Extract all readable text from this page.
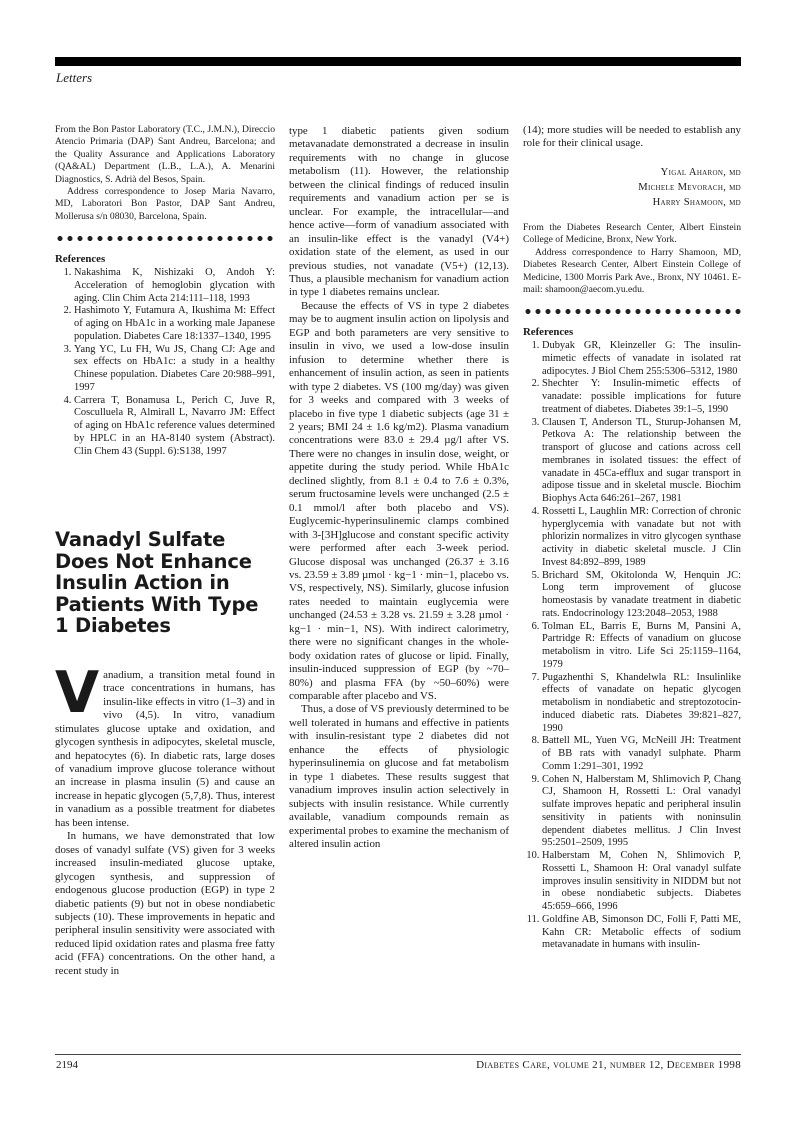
Letters

From the Bon Pastor Laboratory (T.C., J.M.N.), Direccio Atencio Primaria (DAP) Sant Andreu, Barcelona; and the Quality Assurance and Applications Laboratory (QA&AL) Department (L.B., L.A.), A. Menarini Diagnostics, S. Adrià del Besos, Spain.

Address correspondence to Josep Maria Navarro, MD, Laboratori Bon Pastor, DAP Sant Andreu, Mollerusa s/n 08030, Barcelona, Spain.

References
1. Nakashima K, Nishizaki O, Andoh Y: Acceleration of hemoglobin glycation with aging. Clin Chim Acta 214:111–118, 1993
2. Hashimoto Y, Futamura A, Ikushima M: Effect of aging on HbA1c in a working male Japanese population. Diabetes Care 18:1337–1340, 1995
3. Yang YC, Lu FH, Wu JS, Chang CJ: Age and sex effects on HbA1c: a study in a healthy Chinese population. Diabetes Care 20:988–991, 1997
4. Carrera T, Bonamusa L, Perich C, Juve R, Cosculluela R, Almirall L, Navarro JM: Effect of aging on HbA1c reference values determined by HPLC in an HA-8140 system (Abstract). Clin Chem 43 (Suppl. 6):S138, 1997
Vanadyl Sulfate Does Not Enhance Insulin Action in Patients With Type 1 Diabetes
V anadium, a transition metal found in trace concentrations in humans, has insulin-like effects in vitro (1–3) and in vivo (4,5). In vitro, vanadium stimulates glucose uptake and oxidation, and glycogen synthesis in adipocytes, skeletal muscle, and hepatocytes (6). In diabetic rats, large doses of vanadium improve glucose tolerance without an increase in plasma insulin (5) and cause an increase in hepatic glycogen (5,7,8). Thus, interest in vanadium as a possible treatment for diabetes has been intense.

In humans, we have demonstrated that low doses of vanadyl sulfate (VS) given for 3 weeks increased insulin-mediated glucose uptake, glycogen synthesis, and suppression of endogenous glucose production (EGP) in type 2 diabetic patients (9) but not in obese nondiabetic subjects (10). These improvements in hepatic and peripheral insulin sensitivity were associated with reduced lipid oxidation rates and plasma free fatty acid (FFA) concentrations. On the other hand, a recent study in

type 1 diabetic patients given sodium metavanadate demonstrated a decrease in insulin requirements with no change in glucose metabolism (11). However, the relationship between the clinical findings of reduced insulin requirements and vanadium action per se is unclear. For example, the intracellular—and hence active—form of vanadium associated with an insulin-like effect is the vanadyl (V4+) oxidation state of the element, as used in our previous studies, not vanadate (V5+) (12,13). Thus, a plausible mechanism for vanadium action in type 1 diabetes remains unclear.

Because the effects of VS in type 2 diabetes may be to augment insulin action on lipolysis and EGP and both parameters are very sensitive to insulin in vivo, we used a low-dose insulin infusion to determine whether there is enhancement of insulin action, as seen in patients with type 2 diabetes. VS (100 mg/day) was given for 3 weeks and compared with 3 weeks of placebo in five type 1 diabetic subjects (age 31 ± 2 years; BMI 24 ± 1.6 kg/m2). Plasma vanadium concentrations were 83.0 ± 29.4 µg/l after VS. There were no changes in insulin dose, weight, or appetite during the study period. While HbA1c declined slightly, from 8.1 ± 0.4 to 7.6 ± 0.3%, serum fructosamine levels were unchanged (2.5 ± 0.1 mmol/l after both placebo and VS). Euglycemic-hyperinsulinemic clamps combined with 3-[3H]glucose and constant specific activity were performed after each 3-week period. Glucose disposal was unchanged (26.37 ± 3.16 vs. 23.59 ± 3.89 µmol · kg−1 · min−1, placebo vs. VS, respectively, NS). Similarly, glucose infusion rates needed to maintain euglycemia were unchanged (24.53 ± 3.28 vs. 21.59 ± 3.28 µmol · kg−1 · min−1, NS). With indirect calorimetry, there were no significant changes in the whole-body oxidation rates of glucose or lipid. Finally, insulin-induced suppression of EGP (by ~70–80%) and plasma FFA (by ~50–60%) were comparable after placebo and VS.

Thus, a dose of VS previously determined to be well tolerated in humans and effective in patients with insulin-resistant type 2 diabetes did not enhance the effects of physiologic hyperinsulinemia on glucose and fat metabolism in type 1 diabetes. These results suggest that vanadium improves insulin action selectively in subjects with insulin resistance. While currently available, vanadium compounds remain as experimental probes to examine the mechanism of altered insulin action

(14); more studies will be needed to establish any role for their clinical usage.

Yigal Aharon, md
Michele Mevorach, md
Harry Shamoon, md

From the Diabetes Research Center, Albert Einstein College of Medicine, Bronx, New York.

Address correspondence to Harry Shamoon, MD, Diabetes Research Center, Albert Einstein College of Medicine, 1300 Morris Park Ave., Bronx, NY 10461. E-mail: shamoon@aecom.yu.edu.

References
1. Dubyak GR, Kleinzeller G: The insulin-mimetic effects of vanadate in isolated rat adipocytes. J Biol Chem 255:5306–5312, 1980
2. Shechter Y: Insulin-mimetic effects of vanadate: possible implications for future treatment of diabetes. Diabetes 39:1–5, 1990
3. Clausen T, Anderson TL, Sturup-Johansen M, Petkova A: The relationship between the transport of glucose and cations across cell membranes in isolated tissues: the effect of vanadate in 45Ca-efflux and sugar transport in adipose tissue and in skeletal muscle. Biochim Biophys Acta 646:261–267, 1981
4. Rossetti L, Laughlin MR: Correction of chronic hyperglycemia with vanadate but not with phlorizin normalizes in vitro glycogen synthase activity in diabetic skeletal muscle. J Clin Invest 84:892–899, 1989
5. Brichard SM, Okitolonda W, Henquin JC: Long term improvement of glucose homeostasis by vanadate treatment in diabetic rats. Endocrinology 123:2048–2053, 1988
6. Tolman EL, Barris E, Burns M, Pansini A, Partridge R: Effects of vanadium on glucose metabolism in vitro. Life Sci 25:1159–1164, 1979
7. Pugazhenthi S, Khandelwla RL: Insulinlike effects of vanadate on hepatic glycogen metabolism in nondiabetic and streptozotocin-induced diabetic rats. Diabetes 39:821–827, 1990
8. Battell ML, Yuen VG, McNeill JH: Treatment of BB rats with vanadyl sulphate. Pharm Comm 1:291–301, 1992
9. Cohen N, Halberstam M, Shlimovich P, Chang CJ, Shamoon H, Rossetti L: Oral vanadyl sulfate improves hepatic and peripheral insulin sensitivity in patients with noninsulin dependent diabetes mellitus. J Clin Invest 95:2501–2509, 1995
10. Halberstam M, Cohen N, Shlimovich P, Rossetti L, Shamoon H: Oral vanadyl sulfate improves insulin sensitivity in NIDDM but not in obese nondiabetic subjects. Diabetes 45:659–666, 1996
11. Goldfine AB, Simonson DC, Folli F, Patti ME, Kahn CR: Metabolic effects of sodium metavanadate in humans with insulin-
2194	Diabetes Care, volume 21, number 12, December 1998
